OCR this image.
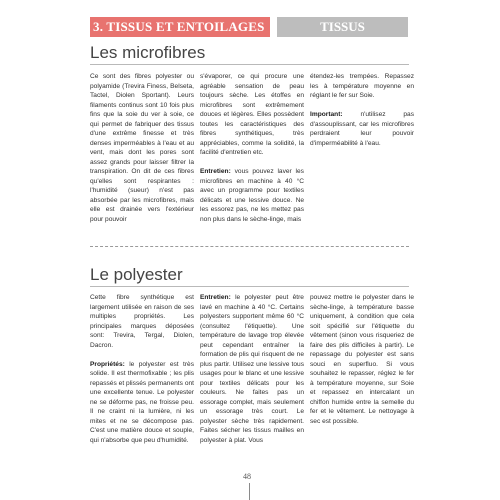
3. TISSUS ET ENTOILAGES	TISSUS
Les microfibres

Ce sont des fibres polyester ou polyamide (Trevira Finess, Belseta, Tactel, Diolen Sportant). Leurs filaments continus sont 10 fois plus fins que la soie du ver à soie, ce qui permet de fabriquer des tissus d'une extrême finesse et très denses imperméables à l'eau et au vent, mais dont les pores sont assez grands pour laisser filtrer la transpiration. On dit de ces fibres qu'elles sont respirantes : l'humidité (sueur) n'est pas absorbée par les microfibres, mais elle est drainée vers l'extérieur pour pouvoir

s'évaporer, ce qui procure une agréable sensation de peau toujours sèche. Les étoffes en microfibres sont extrêmement douces et légères. Elles possèdent toutes les caractéristiques des fibres synthétiques, très appréciables, comme la solidité, la facilité d'entretien etc.

Entretien: vous pouvez laver les microfibres en machine à 40 °C avec un programme pour textiles délicats et une lessive douce. Ne les essorez pas, ne les mettez pas non plus dans le sèche-linge, mais

étendez-les trempées. Repassez les à température moyenne en réglant le fer sur Soie.

Important:	n'utilisez pas d'assouplissant, car les microfibres perdraient leur pouvoir d'imperméabilité à l'eau.

Le polyester

Cette fibre synthétique est largement utilisée en raison de ses multiples propriétés. Les principales marques déposées sont: Trevira, Tergal, Diolen, Dacron.

Propriétés: le polyester est très solide. Il est thermofixable ; les plis repassés et plissés permanents ont une excellente tenue. Le polyester ne se déforme pas, ne froisse peu. Il ne craint ni la lumière, ni les mites et ne se décompose pas. C'est une matière douce et souple, qui n'absorbe que peu d'humidité.

Entretien: le polyester peut être lavé en machine à 40 °C. Certains polyesters supportent même 60 °C (consultez l'étiquette). Une température de lavage trop élevée peut cependant entraîner la formation de plis qui risquent de ne plus partir. Utilisez une lessive tous usages pour le blanc et une lessive pour textiles délicats pour les couleurs. Ne faites pas un essorage complet, mais seulement un essorage très court. Le polyester sèche très rapidement. Faites sécher les tissus mailles en polyester à plat. Vous

pouvez mettre le polyester dans le sèche-linge, à température basse uniquement, à condition que cela soit spécifié sur l'étiquette du vêtement (sinon vous risqueriez de faire des plis difficiles à partir). Le repassage du polyester est sans souci en superfluo. Si vous souhaitez le repasser, réglez le fer à température moyenne, sur Soie et repassez en intercalant un chiffon humide entre la semelle du fer et le vêtement. Le nettoyage à sec est possible.

48
